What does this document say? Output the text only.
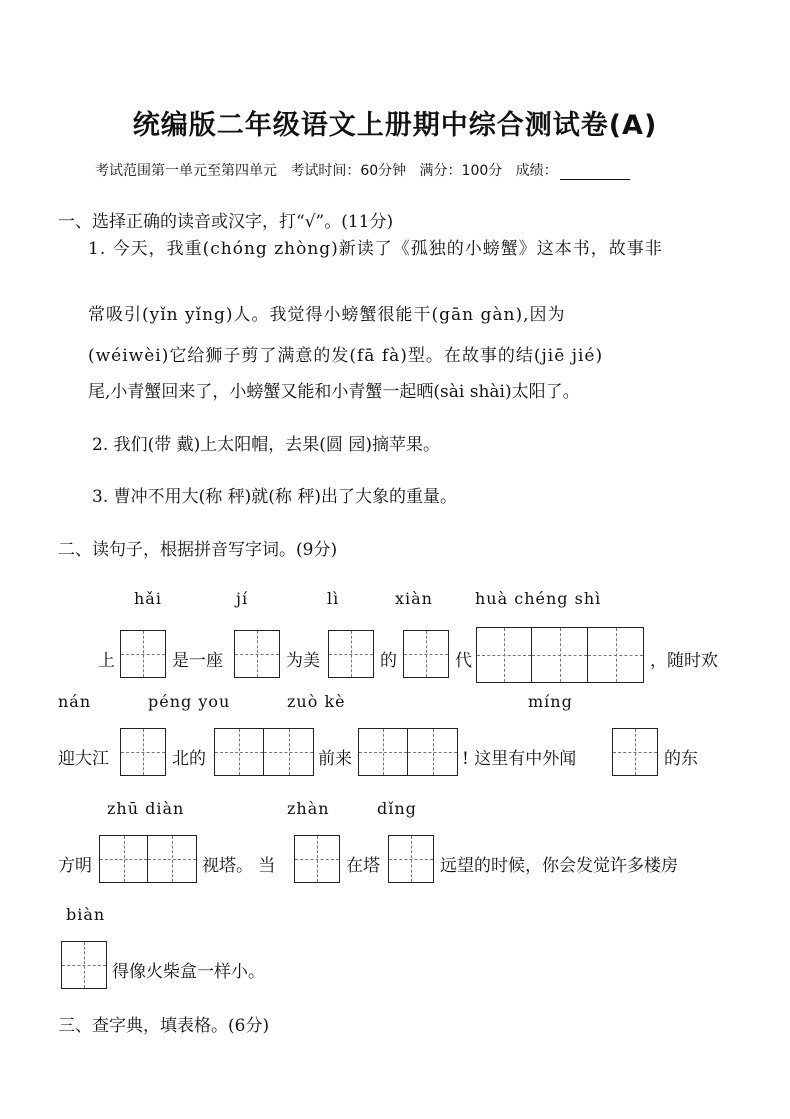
统编版二年级语文上册期中综合测试卷(A)
考试范围第一单元至第四单元 考试时间：60分钟 满分：100分 成绩：
一、选择正确的读音或汉字，打“√”。(11分)
1. 今天，我重(chóng zhòng)新读了《孤独的小螃蟹》这本书，故事非
常吸引(yǐn yǐng)人。我觉得小螃蟹很能干(gān gàn),因为
(wéiwèi)它给狮子剪了满意的发(fā fà)型。在故事的结(jiē jié)
尾,小青蟹回来了，小螃蟹又能和小青蟹一起晒(sài shài)太阳了。
2. 我们(带 戴)上太阳帽，去果(圆 园)摘苹果。
3. 曹冲不用大(称 秤)就(称 秤)出了大象的重量。
二、读句子，根据拼音写字词。(9分)
hǎi	jí	lì	xiàn	huà chéng shì
上	是一座	为美	的	代	，随时欢
nán	péng you	zuò kè	míng
迎大江	北的	前来	! 这里有中外闻	的东
zhū diàn	zhàn	dǐng
方明	视塔。 当	在塔	远望的时候，你会发觉许多楼房
biàn
得像火柴盒一样小。
三、查字典，填表格。(6分)
